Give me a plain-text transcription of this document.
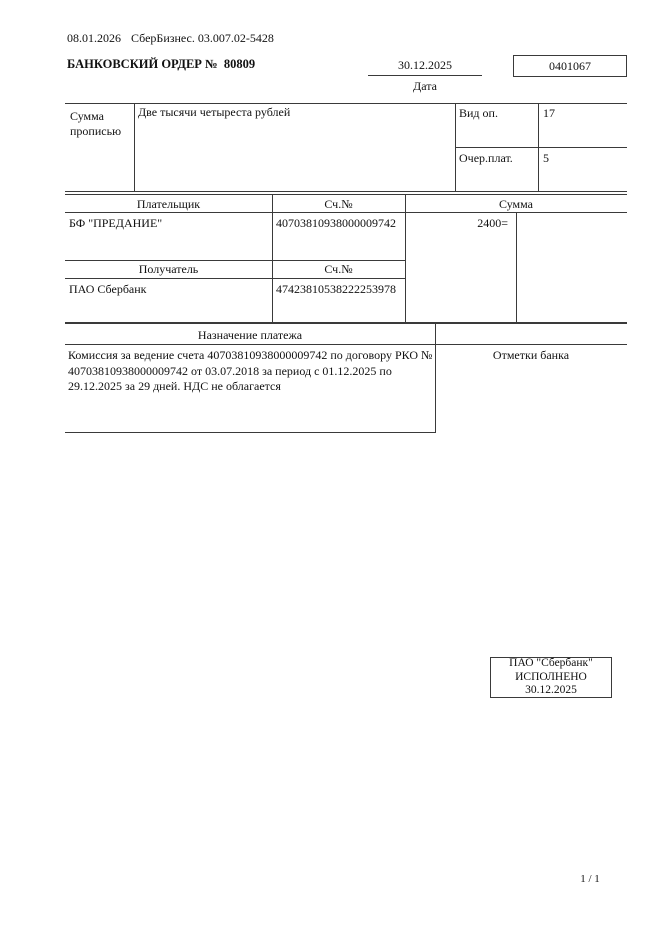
08.01.2026 СберБизнес. 03.007.02-5428
БАНКОВСКИЙ ОРДЕР №  80809	30.12.2025
Дата
0401067
Сумма прописью
Две тысячи четыреста рублей	Вид оп.	17
Очер.плат.	5
Плательщик	Сч.№	Сумма
БФ "ПРЕДАНИЕ"	40703810938000009742	2400=
Получатель	Сч.№
ПАО Сбербанк	47423810538222253978
Назначение платежа
Комиссия за ведение счета 40703810938000009742 по договору РКО № 40703810938000009742 от 03.07.2018 за период с 01.12.2025 по 29.12.2025 за 29 дней. НДС не облагается
Отметки банка
ПАО "Сбербанк"
ИСПОЛНЕНО
30.12.2025
1 / 1
